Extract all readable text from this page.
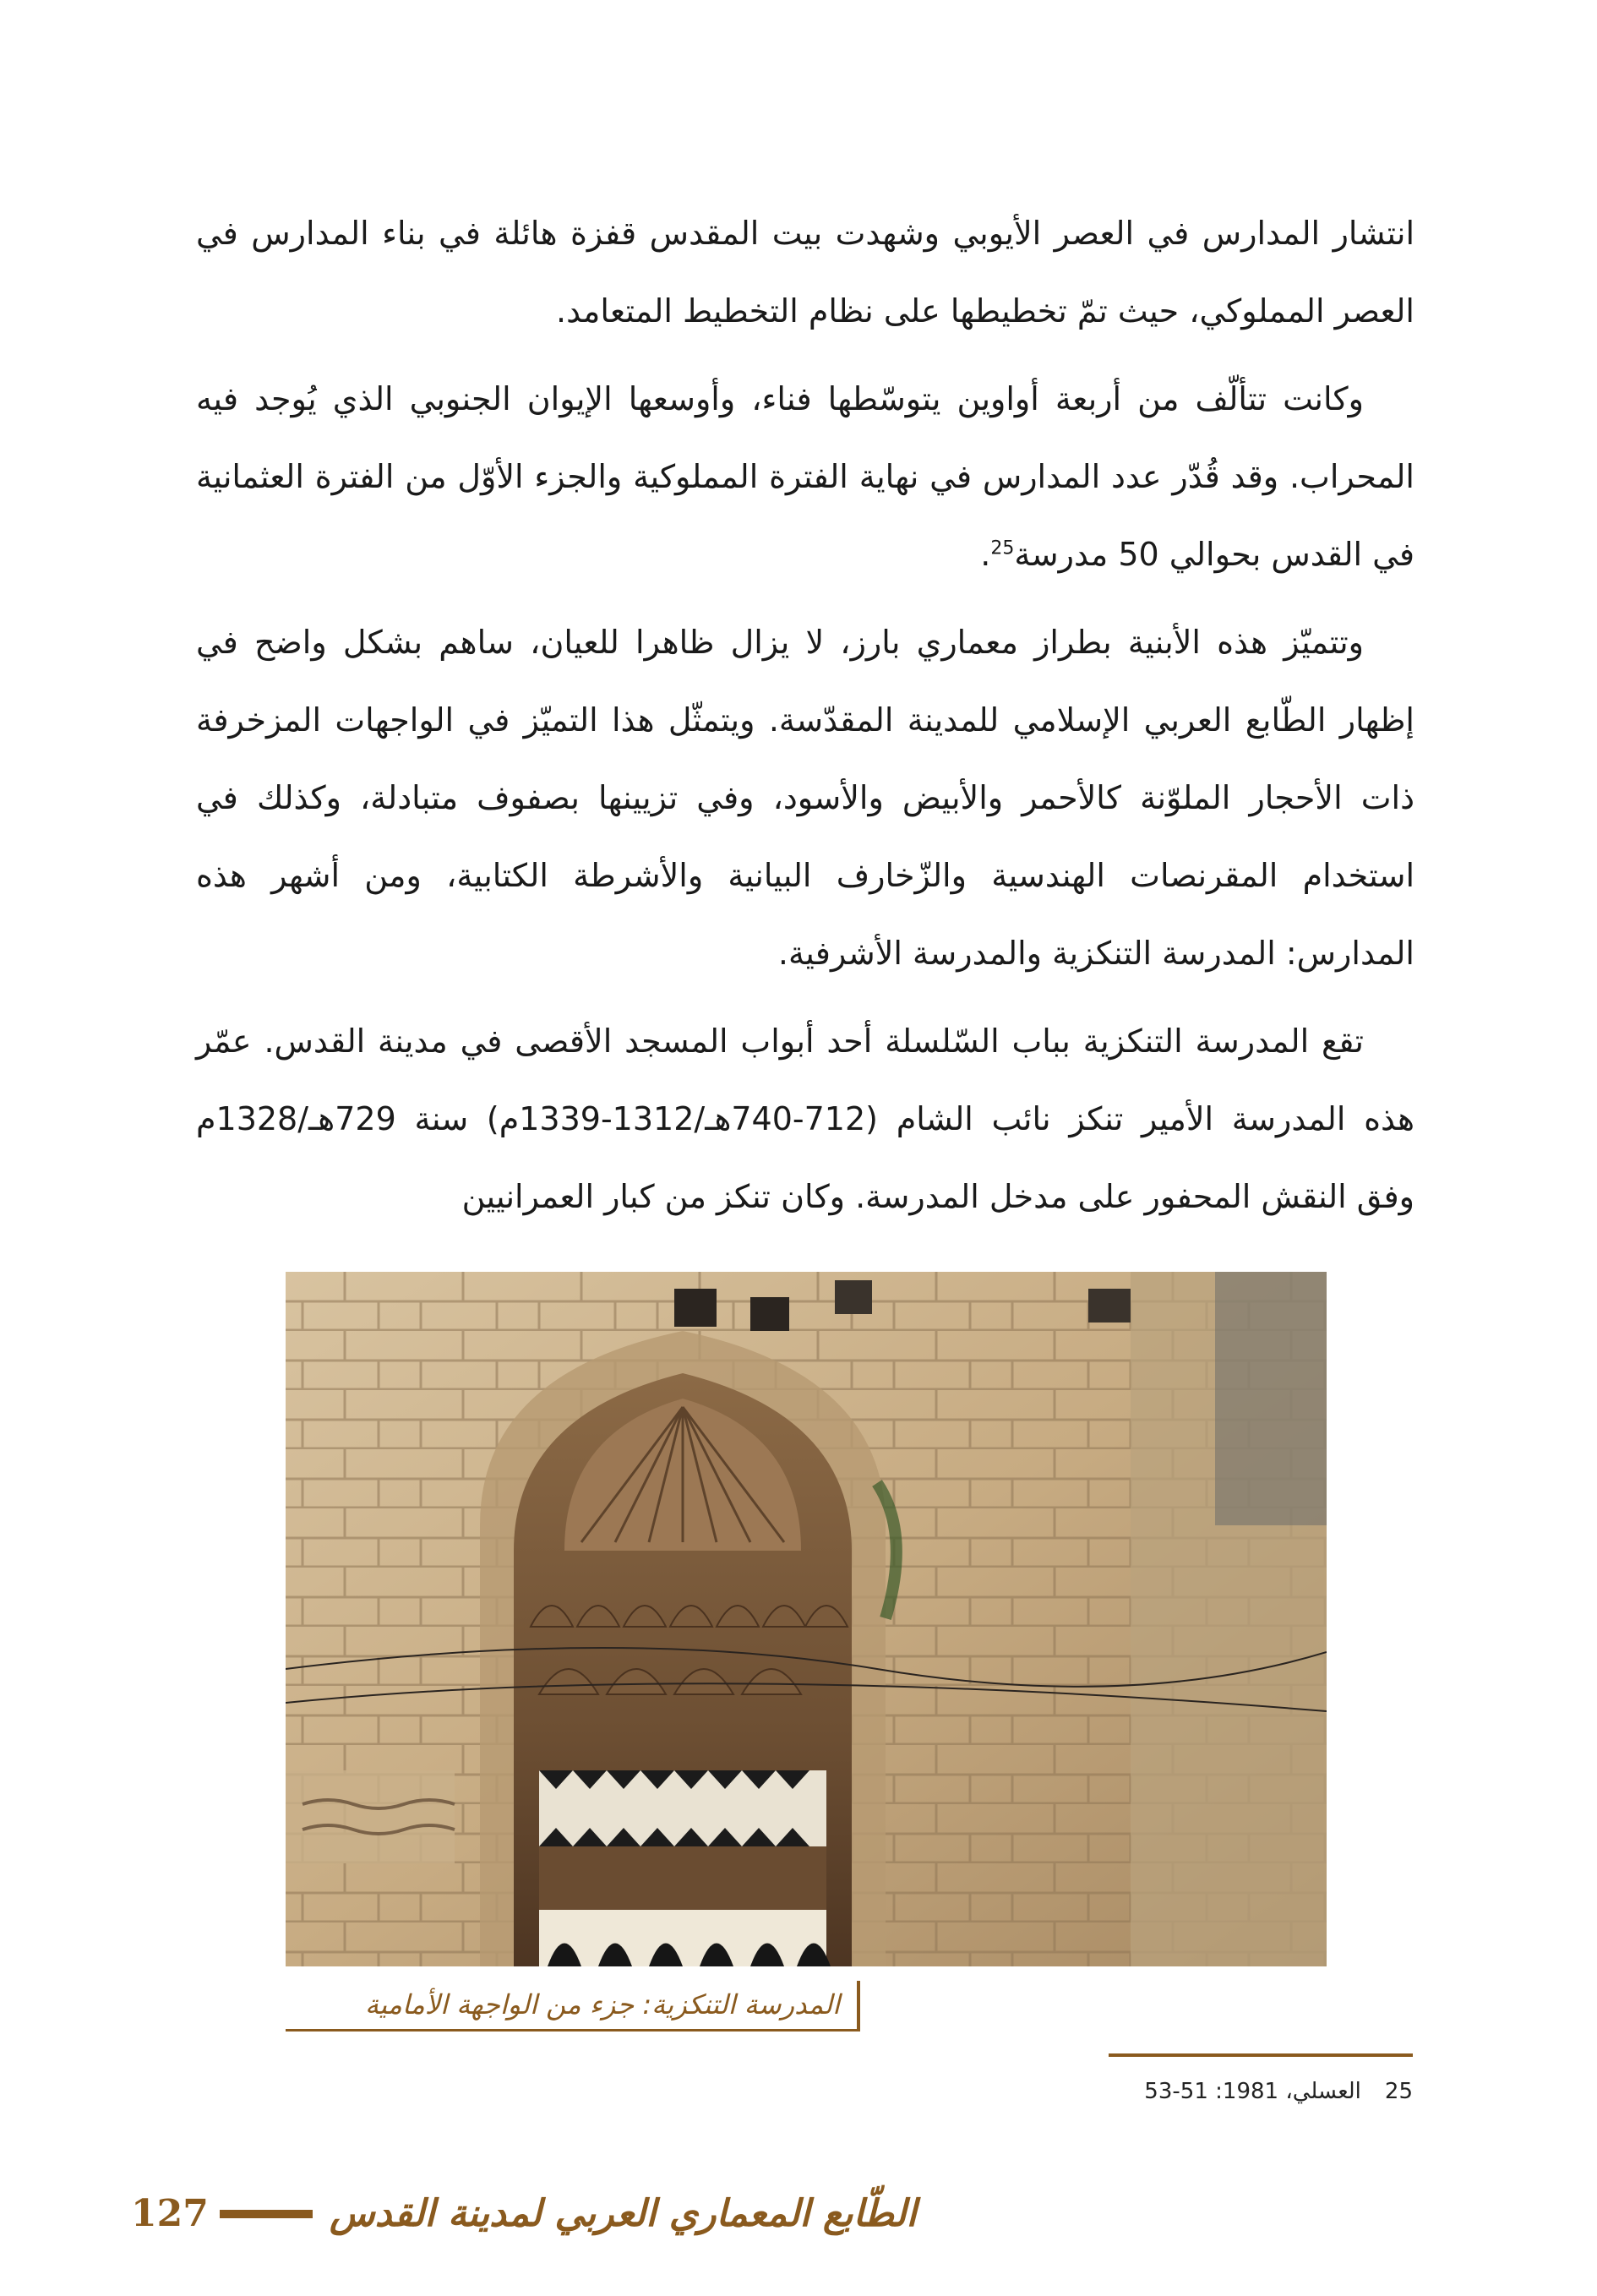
انتشار المدارس في العصر الأيوبي وشهدت بيت المقدس قفزة هائلة في بناء المدارس في العصر المملوكي، حيث تمّ تخطيطها على نظام التخطيط المتعامد.

وكانت تتألّف من أربعة أواوين يتوسّطها فناء، وأوسعها الإيوان الجنوبي الذي يُوجد فيه المحراب. وقد قُدّر عدد المدارس في نهاية الفترة المملوكية والجزء الأوّل من الفترة العثمانية في القدس بحوالي 50 مدرسة$^{25}$.

وتتميّز هذه الأبنية بطراز معماري بارز، لا يزال ظاهرا للعيان، ساهم بشكل واضح في إظهار الطّابع العربي الإسلامي للمدينة المقدّسة. ويتمثّل هذا التميّز في الواجهات المزخرفة ذات الأحجار الملوّنة كالأحمر والأبيض والأسود، وفي تزيينها بصفوف متبادلة، وكذلك في استخدام المقرنصات الهندسية والزّخارف البيانية والأشرطة الكتابية، ومن أشهر هذه المدارس: المدرسة التنكزية والمدرسة الأشرفية.

تقع المدرسة التنكزية بباب السّلسلة أحد أبواب المسجد الأقصى في مدينة القدس. عمّر هذه المدرسة الأمير تنكز نائب الشام (712-740هـ/1312-1339م) سنة 729هـ/1328م وفق النقش المحفور على مدخل المدرسة. وكان تنكز من كبار العمرانيين

المدرسة التنكزية: جزء من الواجهة الأمامية
25العسلي، 1981: 51-53
127	الطّابع المعماري العربي لمدينة القدس
